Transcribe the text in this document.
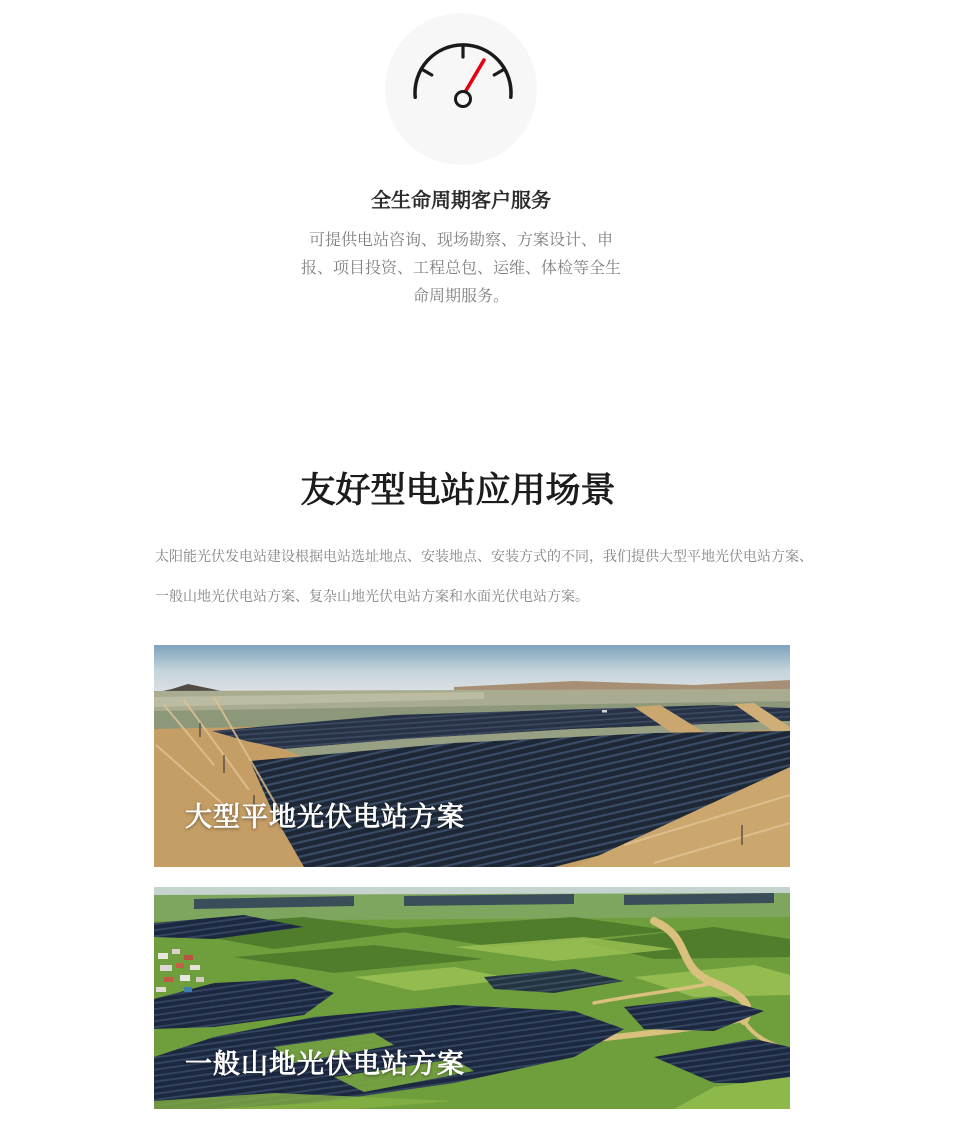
全生命周期客户服务

可提供电站咨询、现场勘察、方案设计、申报、项目投资、工程总包、运维、体检等全生命周期服务。

友好型电站应用场景

太阳能光伏发电站建设根据电站选址地点、安装地点、安装方式的不同，我们提供大型平地光伏电站方案、一般山地光伏电站方案、复杂山地光伏电站方案和水面光伏电站方案。

大型平地光伏电站方案
一般山地光伏电站方案
